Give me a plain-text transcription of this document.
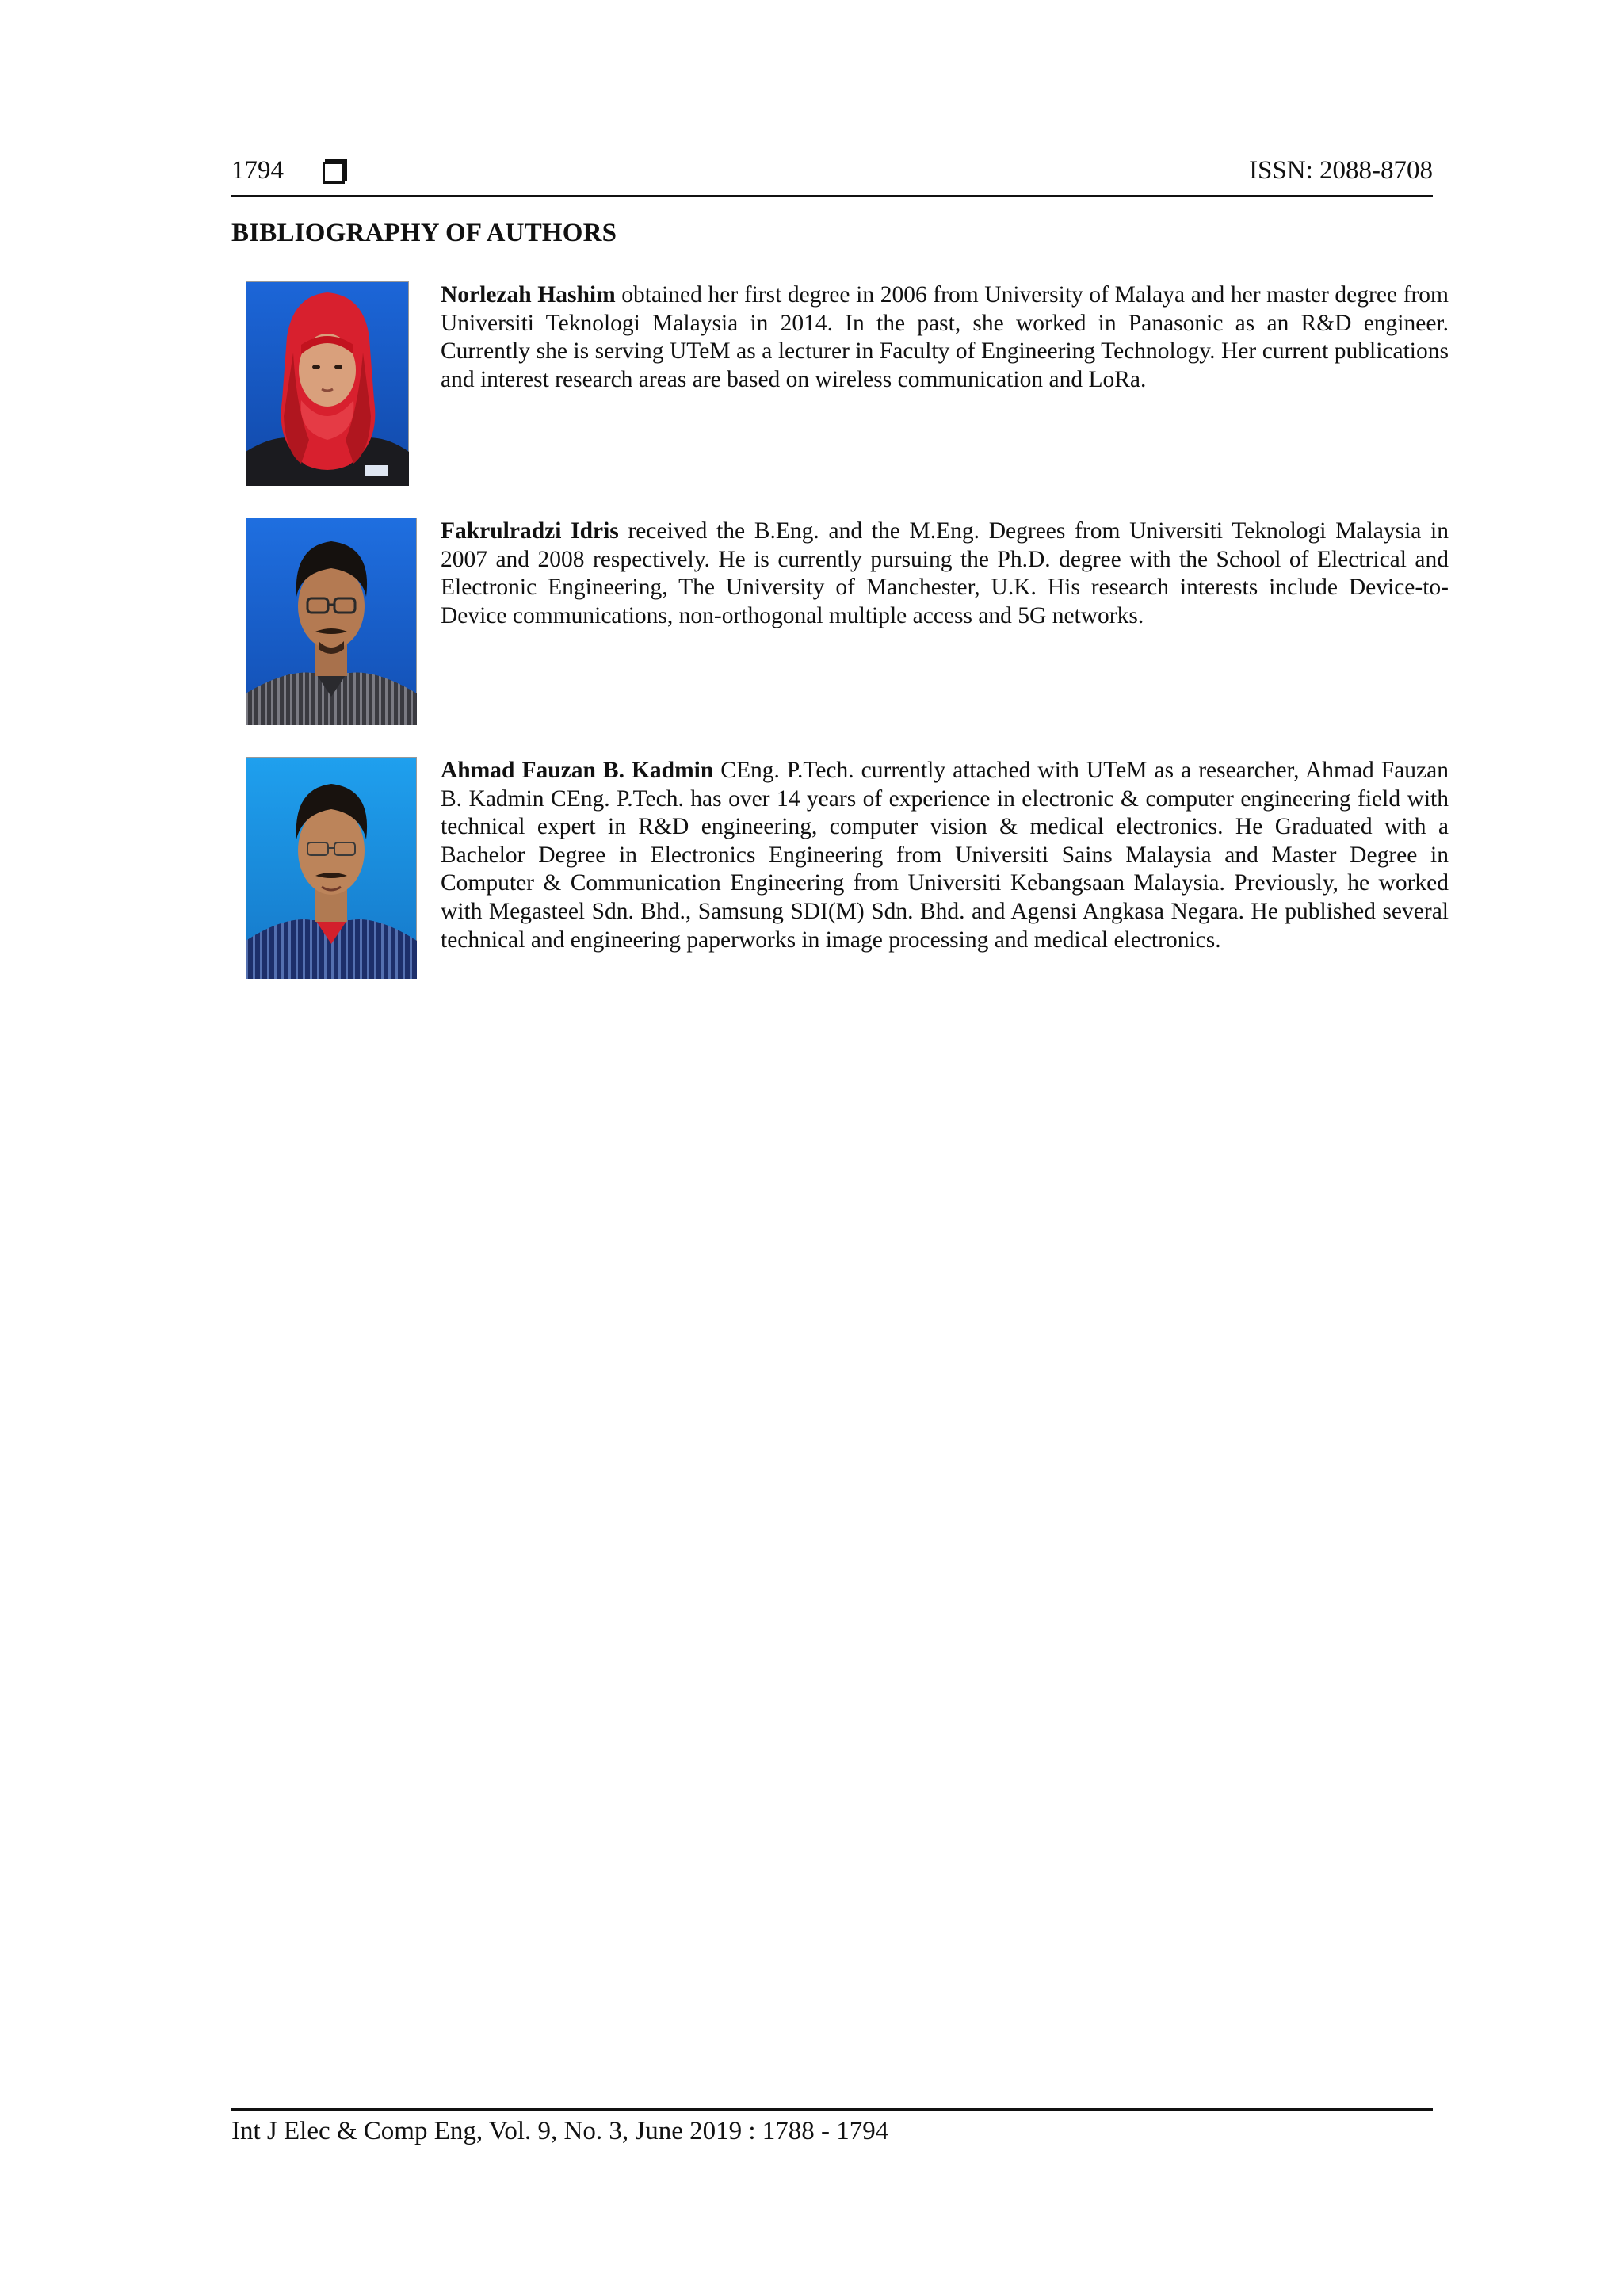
1794	ISSN: 2088-8708
BIBLIOGRAPHY OF AUTHORS
Norlezah Hashim obtained her first degree in 2006 from University of Malaya and her master degree from Universiti Teknologi Malaysia in 2014. In the past, she worked in Panasonic as an R&D engineer. Currently she is serving UTeM as a lecturer in Faculty of Engineering Technology. Her current publications and interest research areas are based on wireless communication and LoRa.
Fakrulradzi Idris received the B.Eng. and the M.Eng. Degrees from Universiti Teknologi Malaysia in 2007 and 2008 respectively. He is currently pursuing the Ph.D. degree with the School of Electrical and Electronic Engineering, The University of Manchester, U.K. His research interests include Device-to-Device communications, non-orthogonal multiple access and 5G networks.
Ahmad Fauzan B. Kadmin CEng. P.Tech. currently attached with UTeM as a researcher, Ahmad Fauzan B. Kadmin CEng. P.Tech. has over 14 years of experience in electronic & computer engineering field with technical expert in R&D engineering, computer vision & medical electronics. He Graduated with a Bachelor Degree in Electronics Engineering from Universiti Sains Malaysia and Master Degree in Computer & Communication Engineering from Universiti Kebangsaan Malaysia. Previously, he worked with Megasteel Sdn. Bhd., Samsung SDI(M) Sdn. Bhd. and Agensi Angkasa Negara. He published several technical and engineering paperworks in image processing and medical electronics.
Int J Elec & Comp Eng, Vol. 9, No. 3, June 2019 : 1788 - 1794
